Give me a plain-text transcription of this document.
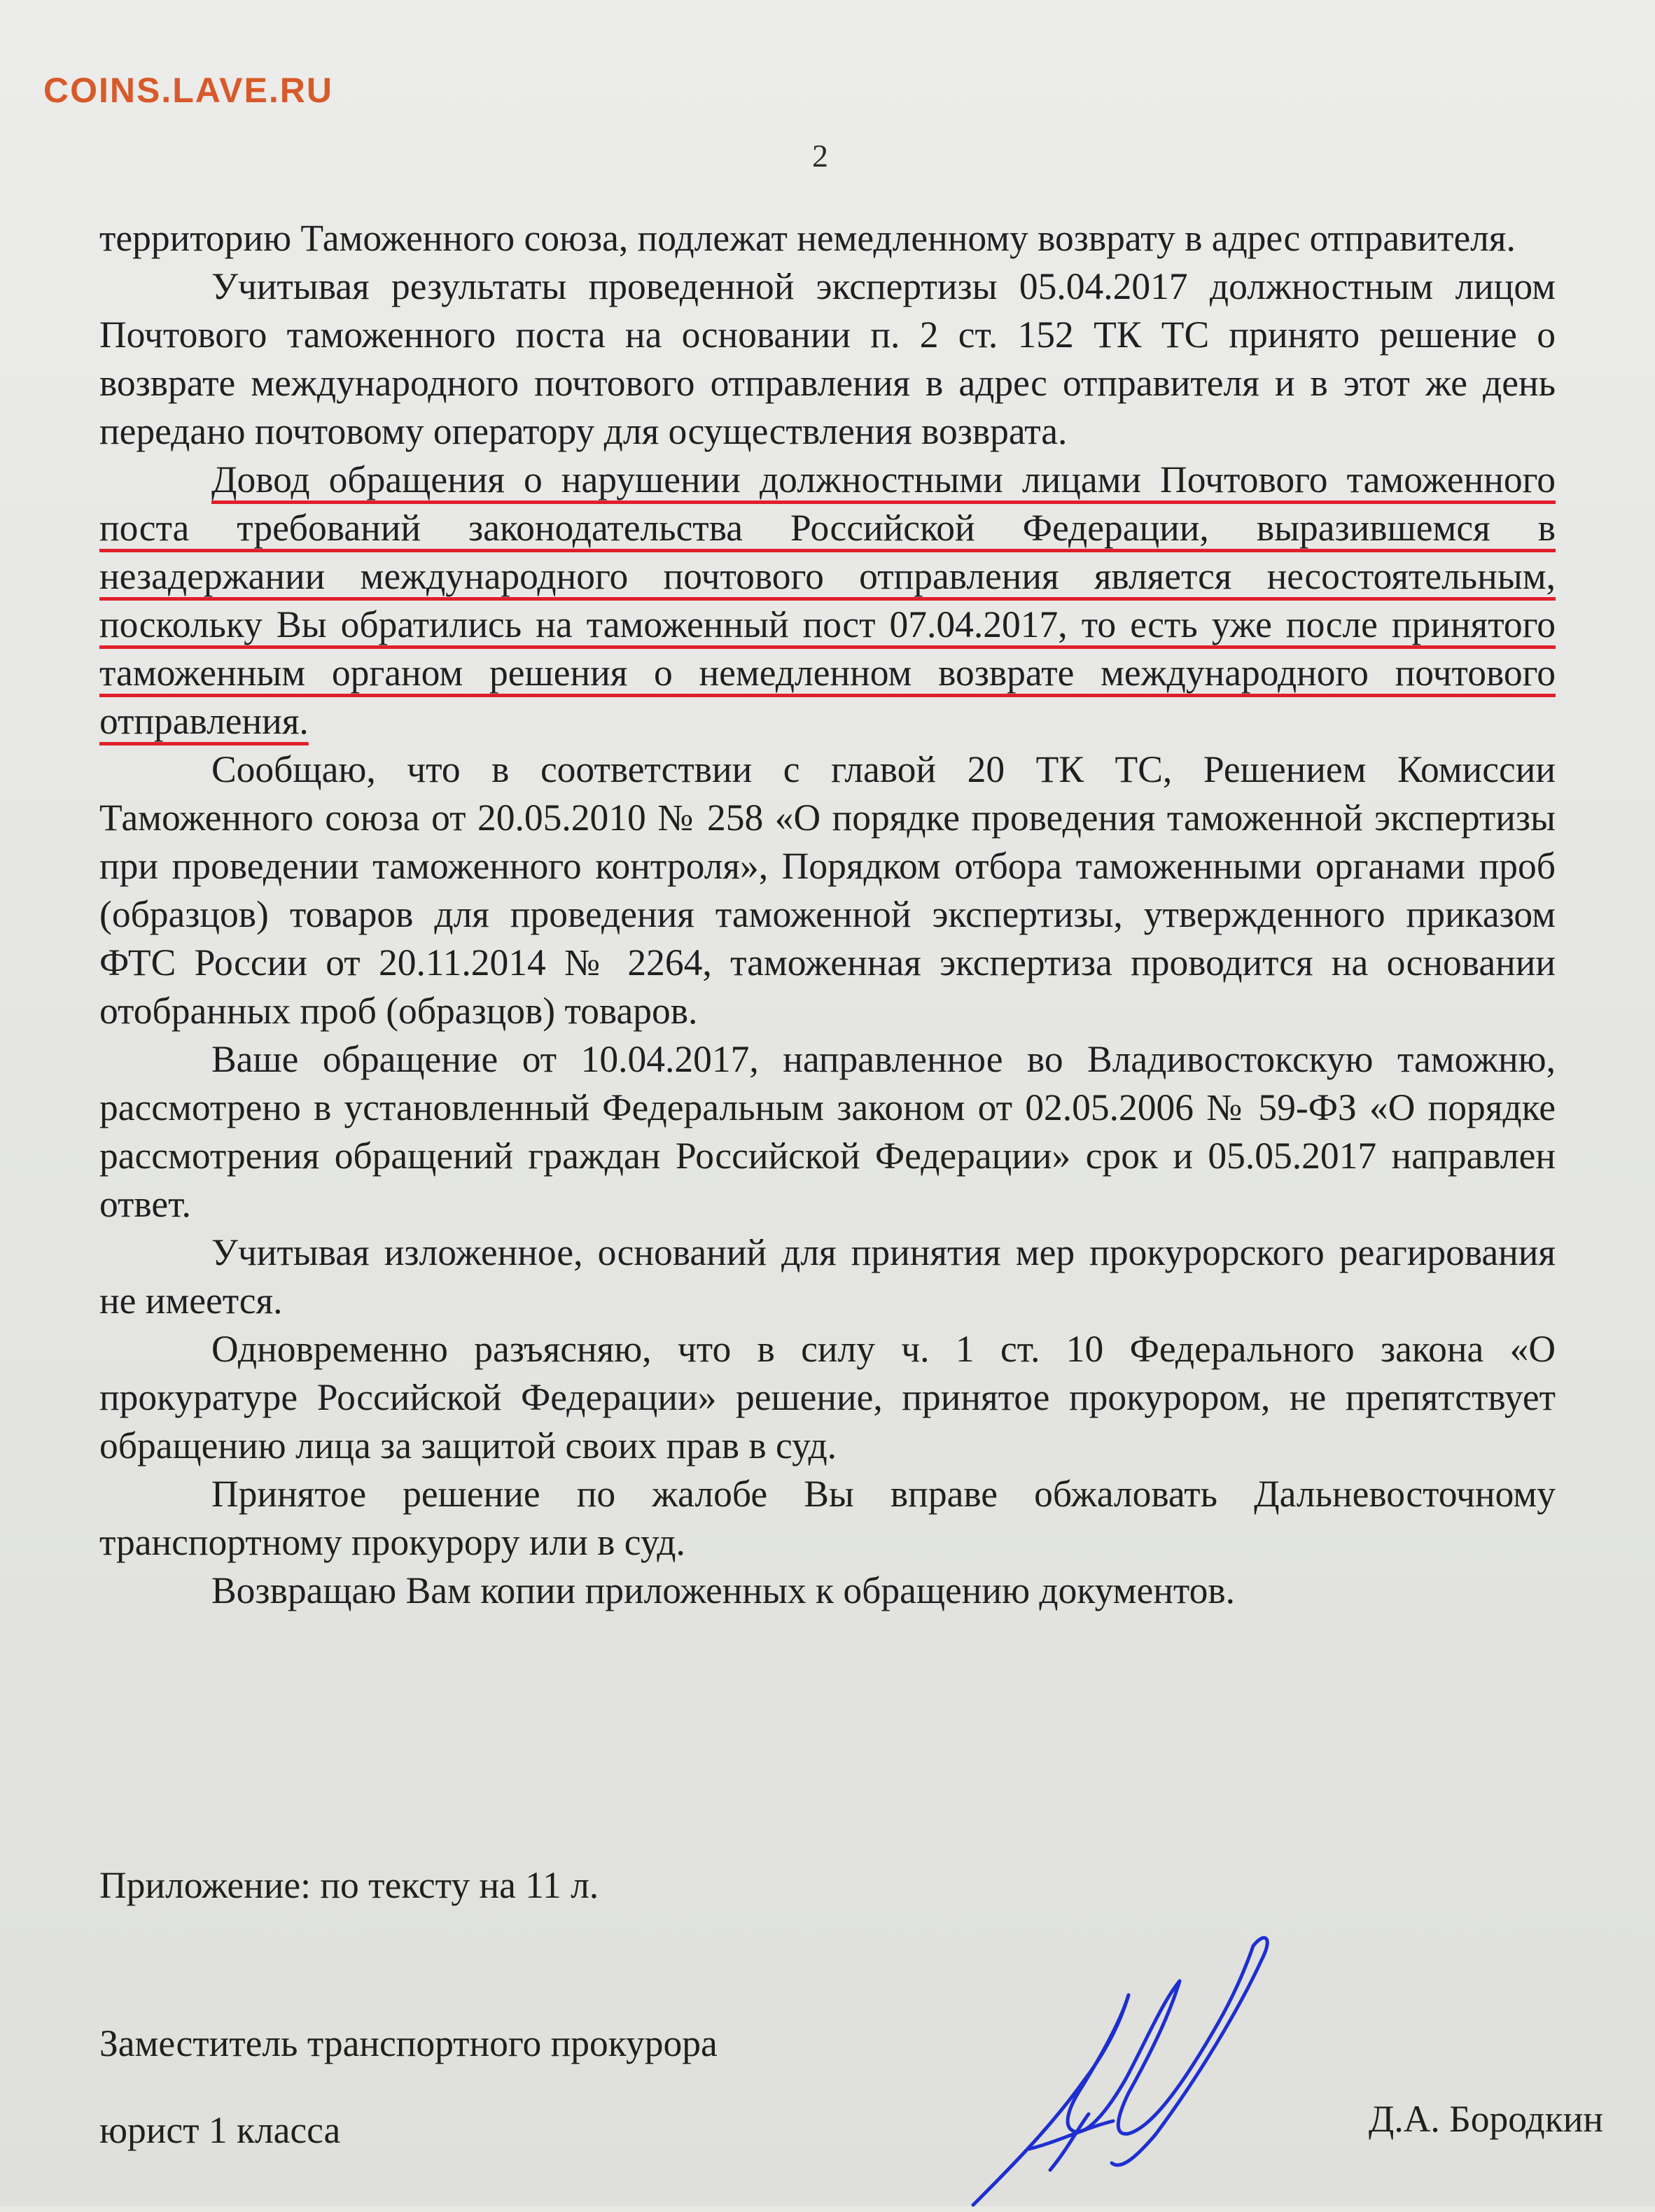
COINS.LAVE.RU
2

территорию Таможенного союза, подлежат немедленному возврату в адрес отправителя.

Учитывая результаты проведенной экспертизы 05.04.2017 должностным лицом Почтового таможенного поста на основании п. 2 ст. 152 ТК ТС принято решение о возврате международного почтового отправления в адрес отправителя и в этот же день передано почтовому оператору для осуществления возврата.

Довод обращения о нарушении должностными лицами Почтового таможенного поста требований законодательства Российской Федерации, выразившемся в незадержании международного почтового отправления является несостоятельным, поскольку Вы обратились на таможенный пост 07.04.2017, то есть уже после принятого таможенным органом решения о немедленном возврате международного почтового отправления.

Сообщаю, что в соответствии с главой 20 ТК ТС, Решением Комиссии Таможенного союза от 20.05.2010 № 258 «О порядке проведения таможенной экспертизы при проведении таможенного контроля», Порядком отбора таможенными органами проб (образцов) товаров для проведения таможенной экспертизы, утвержденного приказом ФТС России от 20.11.2014 № 2264, таможенная экспертиза проводится на основании отобранных проб (образцов) товаров.

Ваше обращение от 10.04.2017, направленное во Владивостокскую таможню, рассмотрено в установленный Федеральным законом от 02.05.2006 № 59-ФЗ «О порядке рассмотрения обращений граждан Российской Федерации» срок и 05.05.2017 направлен ответ.

Учитывая изложенное, оснований для принятия мер прокурорского реагирования не имеется.

Одновременно разъясняю, что в силу ч. 1 ст. 10 Федерального закона «О прокуратуре Российской Федерации» решение, принятое прокурором, не препятствует обращению лица за защитой своих прав в суд.

Принятое решение по жалобе Вы вправе обжаловать Дальневосточному транспортному прокурору или в суд.

Возвращаю Вам копии приложенных к обращению документов.

Приложение: по тексту на 11 л.
Заместитель транспортного прокурора
юрист 1 класса	Д.А. Бородкин
